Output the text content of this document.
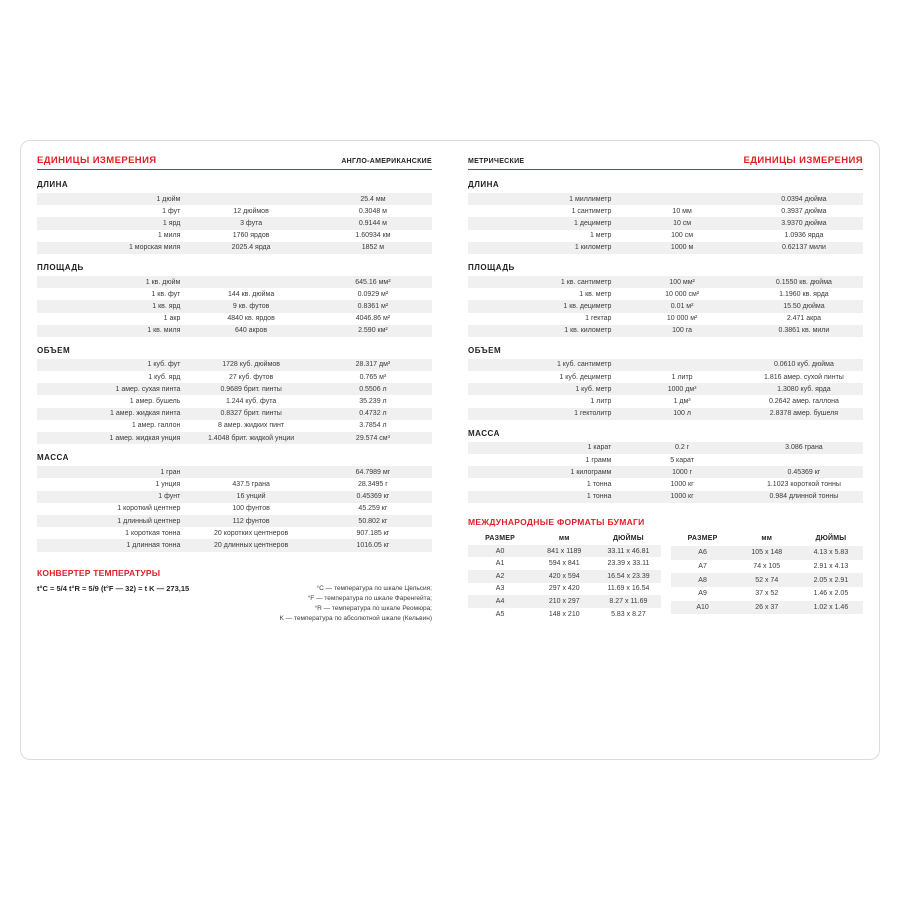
ЕДИНИЦЫ ИЗМЕРЕНИЯ	АНГЛО-АМЕРИКАНСКИЕ
ДЛИНА
1 дюйм		25.4 мм
1 фут	12 дюймов	0.3048 м
1 ярд	3 фута	0.9144 м
1 миля	1760 ярдов	1.60934 км
1 морская миля	2025.4 ярда	1852 м
ПЛОЩАДЬ
1 кв. дюйм		645.16 мм²
1 кв. фут	144 кв. дюйма	0.0929 м²
1 кв. ярд	9 кв. футов	0.8361 м²
1 акр	4840 кв. ярдов	4046.86 м²
1 кв. миля	640 акров	2.590 км²
ОБЪЕМ
1 куб. фут	1728 куб. дюймов	28.317 дм³
1 куб. ярд	27 куб. футов	0.765 м³
1 амер. сухая пинта	0.9689 брит. пинты	0.5506 л
1 амер. бушель	1.244 куб. фута	35.239 л
1 амер. жидкая пинта	0.8327 брит. пинты	0.4732 л
1 амер. галлон	8 амер. жидких пинт	3.7854 л
1 амер. жидкая унция	1.4048 брит. жидкой унции	29.574 см³
МАССА
1 гран		64.7989 мг
1 унция	437.5 грана	28.3495 г
1 фунт	16 унций	0.45369 кг
1 короткий центнер	100 фунтов	45.259 кг
1 длинный центнер	112 фунтов	50.802 кг
1 короткая тонна	20 коротких центнеров	907.185 кг
1 длинная тонна	20 длинных центнеров	1016.05 кг
КОНВЕРТЕР ТЕМПЕРАТУРЫ
t°C = 5/4 t°R = 5/9 (t°F — 32) = t K — 273,15	°С — температура по шкале Цельсия;
°F — температура по шкале Фаренгейта;
°R — температура по шкале Реомюра;
K — температура по абсолютной шкале (Кельвин)
МЕТРИЧЕСКИЕ	ЕДИНИЦЫ ИЗМЕРЕНИЯ
ДЛИНА
1 миллиметр		0.0394 дюйма
1 сантиметр	10 мм	0.3937 дюйма
1 дециметр	10 см	3.9370 дюйма
1 метр	100 см	1.0936 ярда
1 километр	1000 м	0.62137 мили
ПЛОЩАДЬ
1 кв. сантиметр	100 мм²	0.1550 кв. дюйма
1 кв. метр	10 000 см²	1.1960 кв. ярда
1 кв. дециметр	0.01 м²	15.50 дюйма
1 гектар	10 000 м²	2.471 акра
1 кв. километр	100 га	0.3861 кв. мили
ОБЪЕМ
1 куб. сантиметр		0.0610 куб. дюйма
1 куб. дециметр	1 литр	1.816 амер. сухой пинты
1 куб. метр	1000 дм³	1.3080 куб. ярда
1 литр	1 дм³	0.2642 амер. галлона
1 гектолитр	100 л	2.8378 амер. бушеля
МАССА
1 карат	0.2 г	3.086 грана
1 грамм	5 карат	
1 килограмм	1000 г	0.45369 кг
1 тонна	1000 кг	1.1023 короткой тонны
1 тонна	1000 кг	0.984 длинной тонны
МЕЖДУНАРОДНЫЕ ФОРМАТЫ БУМАГИ
РАЗМЕР	мм	ДЮЙМЫ
A0	841 x 1189	33.11 x 46.81
A1	594 x 841	23.39 x 33.11
A2	420 x 594	16.54 x 23.39
A3	297 x 420	11.69 x 16.54
A4	210 x 297	8.27 x 11.69
A5	148 x 210	5.83 x 8.27
РАЗМЕР	мм	ДЮЙМЫ
A6	105 x 148	4.13 x 5.83
A7	74 x 105	2.91 x 4.13
A8	52 x 74	2.05 x 2.91
A9	37 x 52	1.46 x 2.05
A10	26 x 37	1.02 x 1.46
